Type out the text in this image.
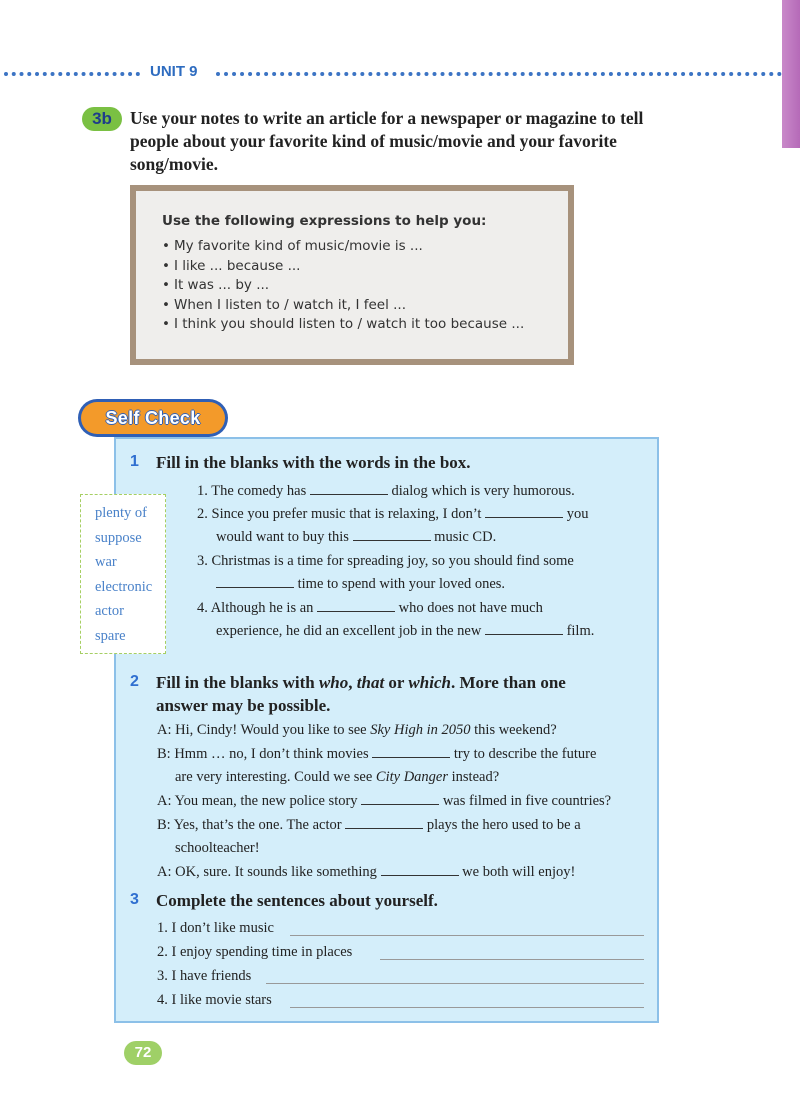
UNIT 9
3b	Use your notes to write an article for a newspaper or magazine to tell people about your favorite kind of music/movie and your favorite song/movie.
Use the following expressions to help you:
• My favorite kind of music/movie is ...
• I like ... because ...
• It was ... by ...
• When I listen to / watch it, I feel ...
• I think you should listen to / watch it too because ...
Self Check
1 Fill in the blanks with the words in the box.
plenty of
suppose
war
electronic
actor
spare
1. The comedy has	dialog which is very humorous.
2. Since you prefer music that is relaxing, I don’t	you
would want to buy this	music CD.
3. Christmas is a time for spreading joy, so you should find some
time to spend with your loved ones.
4. Although he is an	who does not have much
experience, he did an excellent job in the new	film.
2 Fill in the blanks with who, that or which. More than one
answer may be possible.
A: Hi, Cindy! Would you like to see Sky High in 2050 this weekend?
B: Hmm … no, I don’t think movies	try to describe the future
are very interesting. Could we see City Danger instead?
A: You mean, the new police story	was filmed in five countries?
B: Yes, that’s the one. The actor	plays the hero used to be a
schoolteacher!
A: OK, sure. It sounds like something	we both will enjoy!
3 Complete the sentences about yourself.
1. I don’t like music
2. I enjoy spending time in places
3. I have friends
4. I like movie stars
72
